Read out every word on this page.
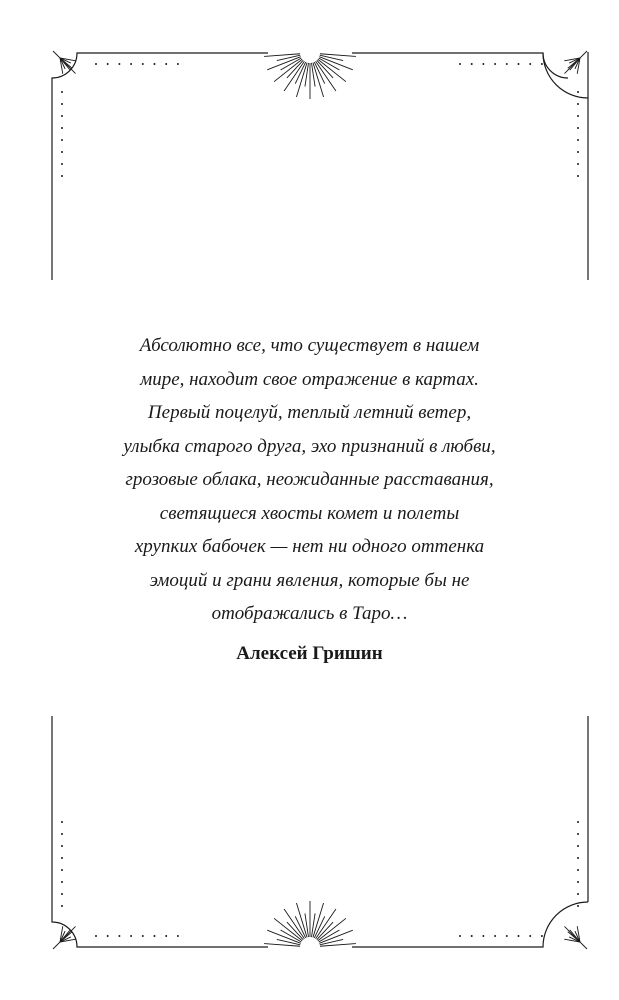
Абсолютно все, что существует в нашем
мире, находит свое отражение в картах.
Первый поцелуй, теплый летний ветер,
улыбка старого друга, эхо признаний в любви,
грозовые облака, неожиданные расставания,
светящиеся хвосты комет и полеты
хрупких бабочек — нет ни одного оттенка
эмоций и грани явления, которые бы не
отображались в Таро…
Алексей Гришин
